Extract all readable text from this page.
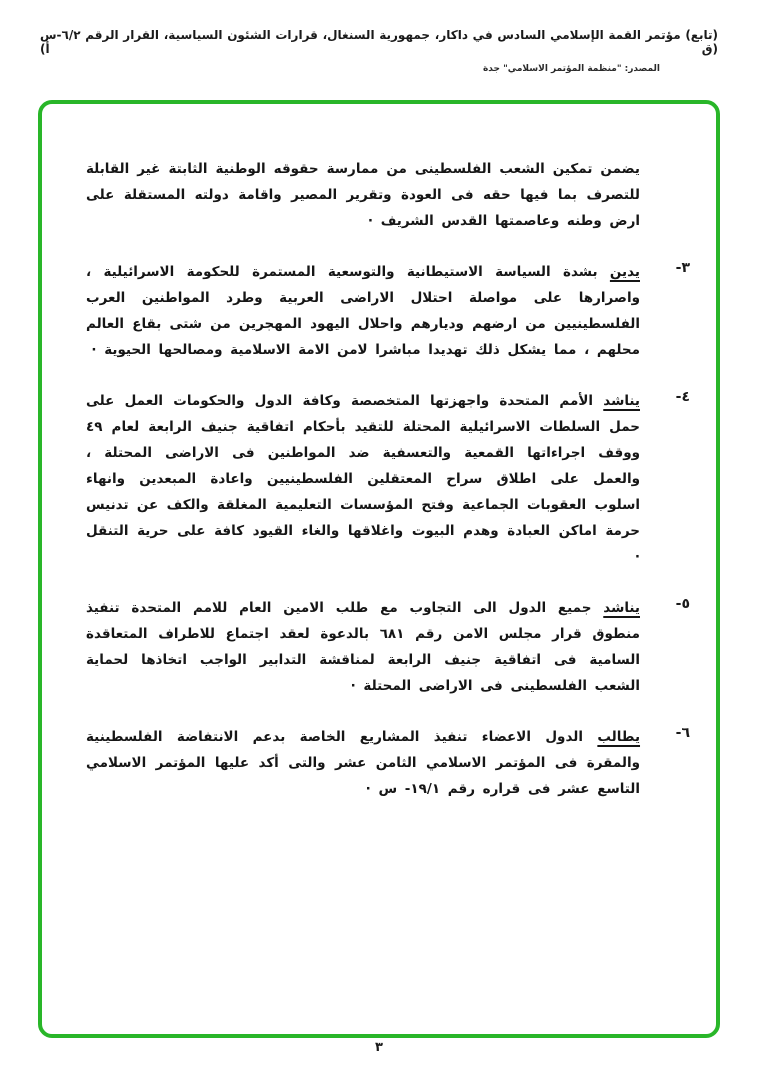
(تابع) مؤتمر القمة الإسلامي السادس في داكار، جمهورية السنغال، قرارات الشئون السياسية، القرار الرقم ٦/٢-س (ق أ)
المصدر: "منظمة المؤتمر الاسلامي" جدة

يضمن تمكين الشعب الفلسطينى من ممارسة حقوقه الوطنية الثابتة غير القابلة للتصرف بما فيها حقه فى العودة وتقرير المصير واقامة دولته المستقلة على ارض وطنه وعاصمتها القدس الشريف ·

٣-

يدين بشدة السياسة الاستيطانية والتوسعية المستمرة للحكومة الاسرائيلية ، واصرارها على مواصلة احتلال الاراضى العربية وطرد المواطنين العرب الفلسطينيين من ارضهم وديارهم واحلال اليهود المهجرين من شتى بقاع العالم محلهم ، مما يشكل ذلك تهديدا مباشرا لامن الامة الاسلامية ومصالحها الحيوية ·

٤-

يناشد الأمم المتحدة واجهزتها المتخصصة وكافة الدول والحكومات العمل على حمل السلطات الاسرائيلية المحتلة للتقيد بأحكام اتفاقية جنيف الرابعة لعام ٤٩ ووقف اجراءاتها القمعية والتعسفية ضد المواطنين فى الاراضى المحتلة ، والعمل على اطلاق سراح المعتقلين الفلسطينيين واعادة المبعدين وانهاء اسلوب العقوبات الجماعية وفتح المؤسسات التعليمية المغلقة والكف عن تدنيس حرمة اماكن العبادة وهدم البيوت واغلاقها والغاء القيود كافة على حرية التنقل ·

٥-

يناشد جميع الدول الى التجاوب مع طلب الامين العام للامم المتحدة تنفيذ منطوق قرار مجلس الامن رقم ٦٨١ بالدعوة لعقد اجتماع للاطراف المتعاقدة السامية فى اتفاقية جنيف الرابعة لمناقشة التدابير الواجب اتخاذها لحماية الشعب الفلسطينى فى الاراضى المحتلة ·

٦-

يطالب الدول الاعضاء تنفيذ المشاريع الخاصة بدعم الانتفاضة الفلسطينية والمقرة فى المؤتمر الاسلامي الثامن عشر والتى أكد عليها المؤتمر الاسلامي التاسع عشر فى قراره رقم ١٩/١- س ·

٣
